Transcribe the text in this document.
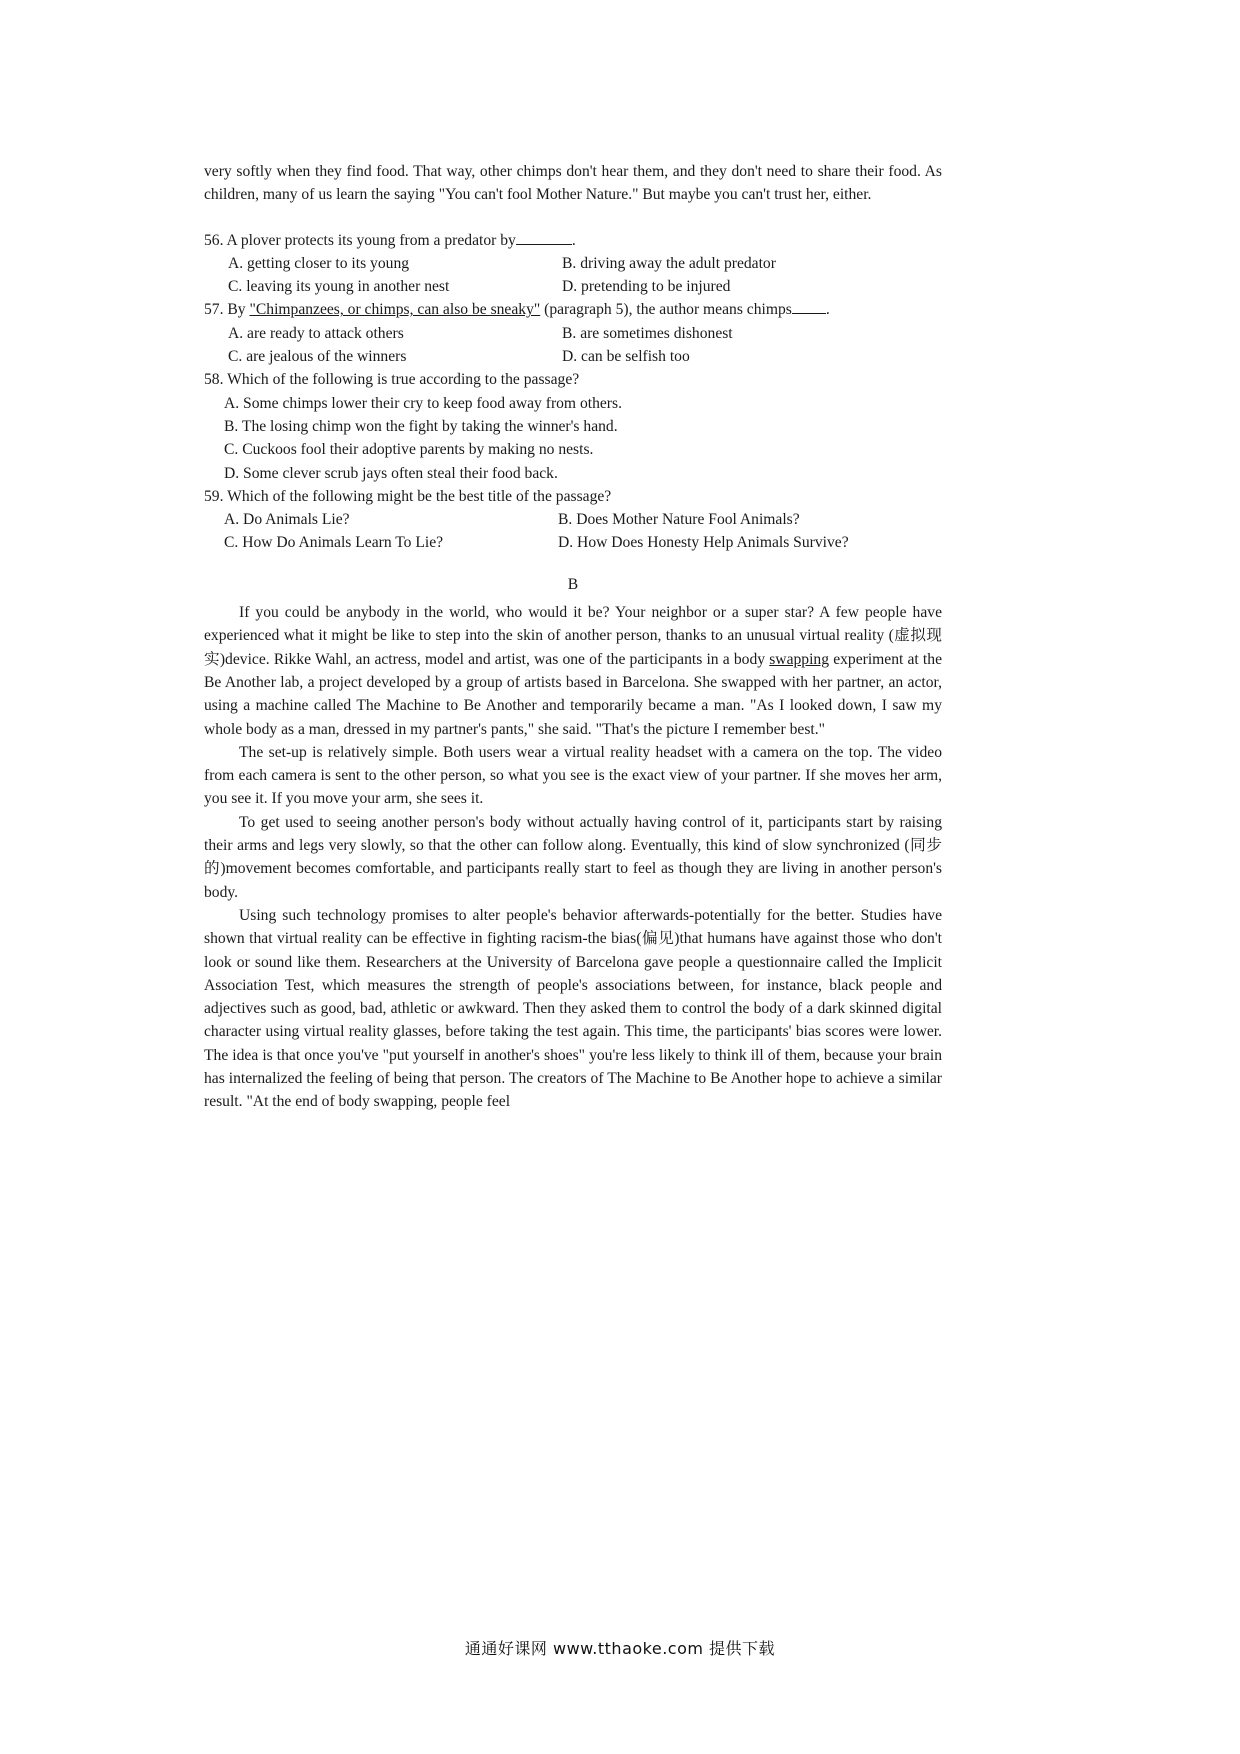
very softly when they find food. That way, other chimps don't hear them, and they don't need to share their food. As children, many of us learn the saying "You can't fool Mother Nature." But maybe you can't trust her, either.

56. A plover protects its young from a predator by	.

A. getting closer to its young	B. driving away the adult predator
C. leaving its young in another nest	D. pretending to be injured

57. By "Chimpanzees, or chimps, can also be sneaky" (paragraph 5), the author means chimps .

A. are ready to attack others	B. are sometimes dishonest
C. are jealous of the winners	D. can be selfish too

58. Which of the following is true according to the passage?

A. Some chimps lower their cry to keep food away from others.
B. The losing chimp won the fight by taking the winner's hand.
C. Cuckoos fool their adoptive parents by making no nests.
D. Some clever scrub jays often steal their food back.

59. Which of the following might be the best title of the passage?

A. Do Animals Lie?	B. Does Mother Nature Fool Animals?
C. How Do Animals Learn To Lie?	D. How Does Honesty Help Animals Survive?
B

If you could be anybody in the world, who would it be? Your neighbor or a super star? A few people have experienced what it might be like to step into the skin of another person, thanks to an unusual virtual reality (虚拟现实)device. Rikke Wahl, an actress, model and artist, was one of the participants in a body swapping experiment at the Be Another lab, a project developed by a group of artists based in Barcelona. She swapped with her partner, an actor, using a machine called The Machine to Be Another and temporarily became a man. "As I looked down, I saw my whole body as a man, dressed in my partner's pants," she said. "That's the picture I remember best."

The set-up is relatively simple. Both users wear a virtual reality headset with a camera on the top. The video from each camera is sent to the other person, so what you see is the exact view of your partner. If she moves her arm, you see it. If you move your arm, she sees it.

To get used to seeing another person's body without actually having control of it, participants start by raising their arms and legs very slowly, so that the other can follow along. Eventually, this kind of slow synchronized (同步的)movement becomes comfortable, and participants really start to feel as though they are living in another person's body.

Using such technology promises to alter people's behavior afterwards-potentially for the better. Studies have shown that virtual reality can be effective in fighting racism-the bias(偏见)that humans have against those who don't look or sound like them. Researchers at the University of Barcelona gave people a questionnaire called the Implicit Association Test, which measures the strength of people's associations between, for instance, black people and adjectives such as good, bad, athletic or awkward. Then they asked them to control the body of a dark skinned digital character using virtual reality glasses, before taking the test again. This time, the participants' bias scores were lower. The idea is that once you've "put yourself in another's shoes" you're less likely to think ill of them, because your brain has internalized the feeling of being that person. The creators of The Machine to Be Another hope to achieve a similar result. "At the end of body swapping, people feel

通通好课网 www.tthaoke.com 提供下载
